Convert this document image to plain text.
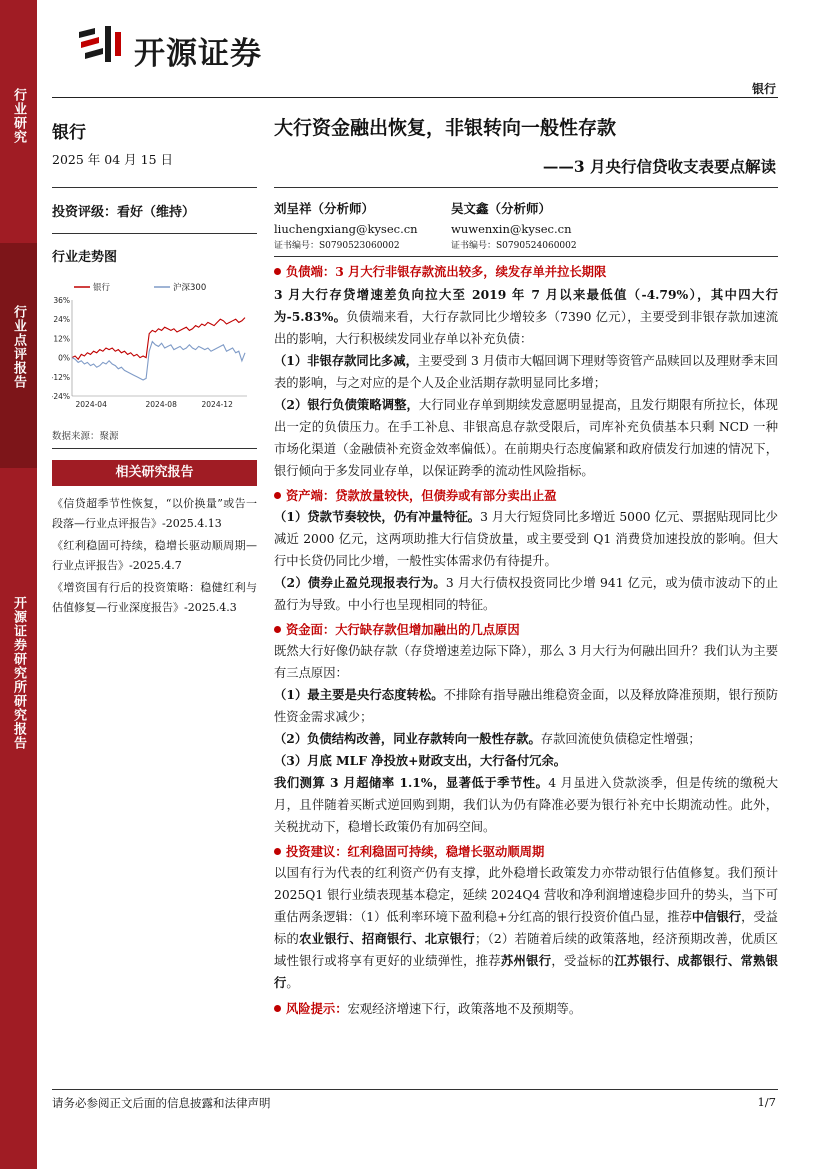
行业研究
行业点评报告
开源证券研究所研究报告
开源证券
银行
银行
2025 年 04 月 15 日
投资评级：看好（维持）
行业走势图
银行	沪深300
36%
24%
12%
0%
-12%
-24%
2024-04	2024-08	2024-12
数据来源：聚源
相关研究报告
《信贷超季节性恢复，“以价换量”或告一段落—行业点评报告》-2025.4.13
《红利稳固可持续，稳增长驱动顺周期—行业点评报告》-2025.4.7
《增资国有行后的投资策略：稳健红利与估值修复—行业深度报告》-2025.4.3
大行资金融出恢复，非银转向一般性存款
——3 月央行信贷收支表要点解读
刘呈祥（分析师）
liuchengxiang@kysec.cn
证书编号：S0790523060002
吴文鑫（分析师）
wuwenxin@kysec.cn
证书编号：S0790524060002
负债端：3 月大行非银存款流出较多，续发存单并拉长期限
3 月大行存贷增速差负向拉大至 2019 年 7 月以来最低值（-4.79%），其中四大行为-5.83%。负债端来看，大行存款同比少增较多（7390 亿元），主要受到非银存款加速流出的影响，大行积极续发同业存单以补充负债：
（1）非银存款同比多减，主要受到 3 月债市大幅回调下理财等资管产品赎回以及理财季末回表的影响，与之对应的是个人及企业活期存款明显同比多增；
（2）银行负债策略调整，大行同业存单到期续发意愿明显提高，且发行期限有所拉长，体现出一定的负债压力。在手工补息、非银高息存款受限后，司库补充负债基本只剩 NCD 一种市场化渠道（金融债补充资金效率偏低）。在前期央行态度偏紧和政府债发行加速的情况下，银行倾向于多发同业存单，以保证跨季的流动性风险指标。
资产端：贷款放量较快，但债券或有部分卖出止盈
（1）贷款节奏较快，仍有冲量特征。3 月大行短贷同比多增近 5000 亿元、票据贴现同比少减近 2000 亿元，这两项助推大行信贷放量，或主要受到 Q1 消费贷加速投放的影响。但大行中长贷仍同比少增，一般性实体需求仍有待提升。
（2）债券止盈兑现报表行为。3 月大行债权投资同比少增 941 亿元，或为债市波动下的止盈行为导致。中小行也呈现相同的特征。
资金面：大行缺存款但增加融出的几点原因
既然大行好像仍缺存款（存贷增速差边际下降），那么 3 月大行为何融出回升？我们认为主要有三点原因：
（1）最主要是央行态度转松。不排除有指导融出维稳资金面，以及释放降准预期，银行预防性资金需求减少；
（2）负债结构改善，同业存款转向一般性存款。存款回流使负债稳定性增强；
（3）月底 MLF 净投放+财政支出，大行备付冗余。
我们测算 3 月超储率 1.1%，显著低于季节性。4 月虽进入贷款淡季，但是传统的缴税大月，且伴随着买断式逆回购到期，我们认为仍有降准必要为银行补充中长期流动性。此外，关税扰动下，稳增长政策仍有加码空间。
投资建议：红利稳固可持续，稳增长驱动顺周期
以国有行为代表的红利资产仍有支撑，此外稳增长政策发力亦带动银行估值修复。我们预计 2025Q1 银行业绩表现基本稳定，延续 2024Q4 营收和净利润增速稳步回升的势头，当下可重估两条逻辑：（1）低利率环境下盈利稳+分红高的银行投资价值凸显，推荐中信银行，受益标的农业银行、招商银行、北京银行；（2）若随着后续的政策落地，经济预期改善，优质区域性银行或将享有更好的业绩弹性，推荐苏州银行，受益标的江苏银行、成都银行、常熟银行。
风险提示：宏观经济增速下行，政策落地不及预期等。
请务必参阅正文后面的信息披露和法律声明	1/7
